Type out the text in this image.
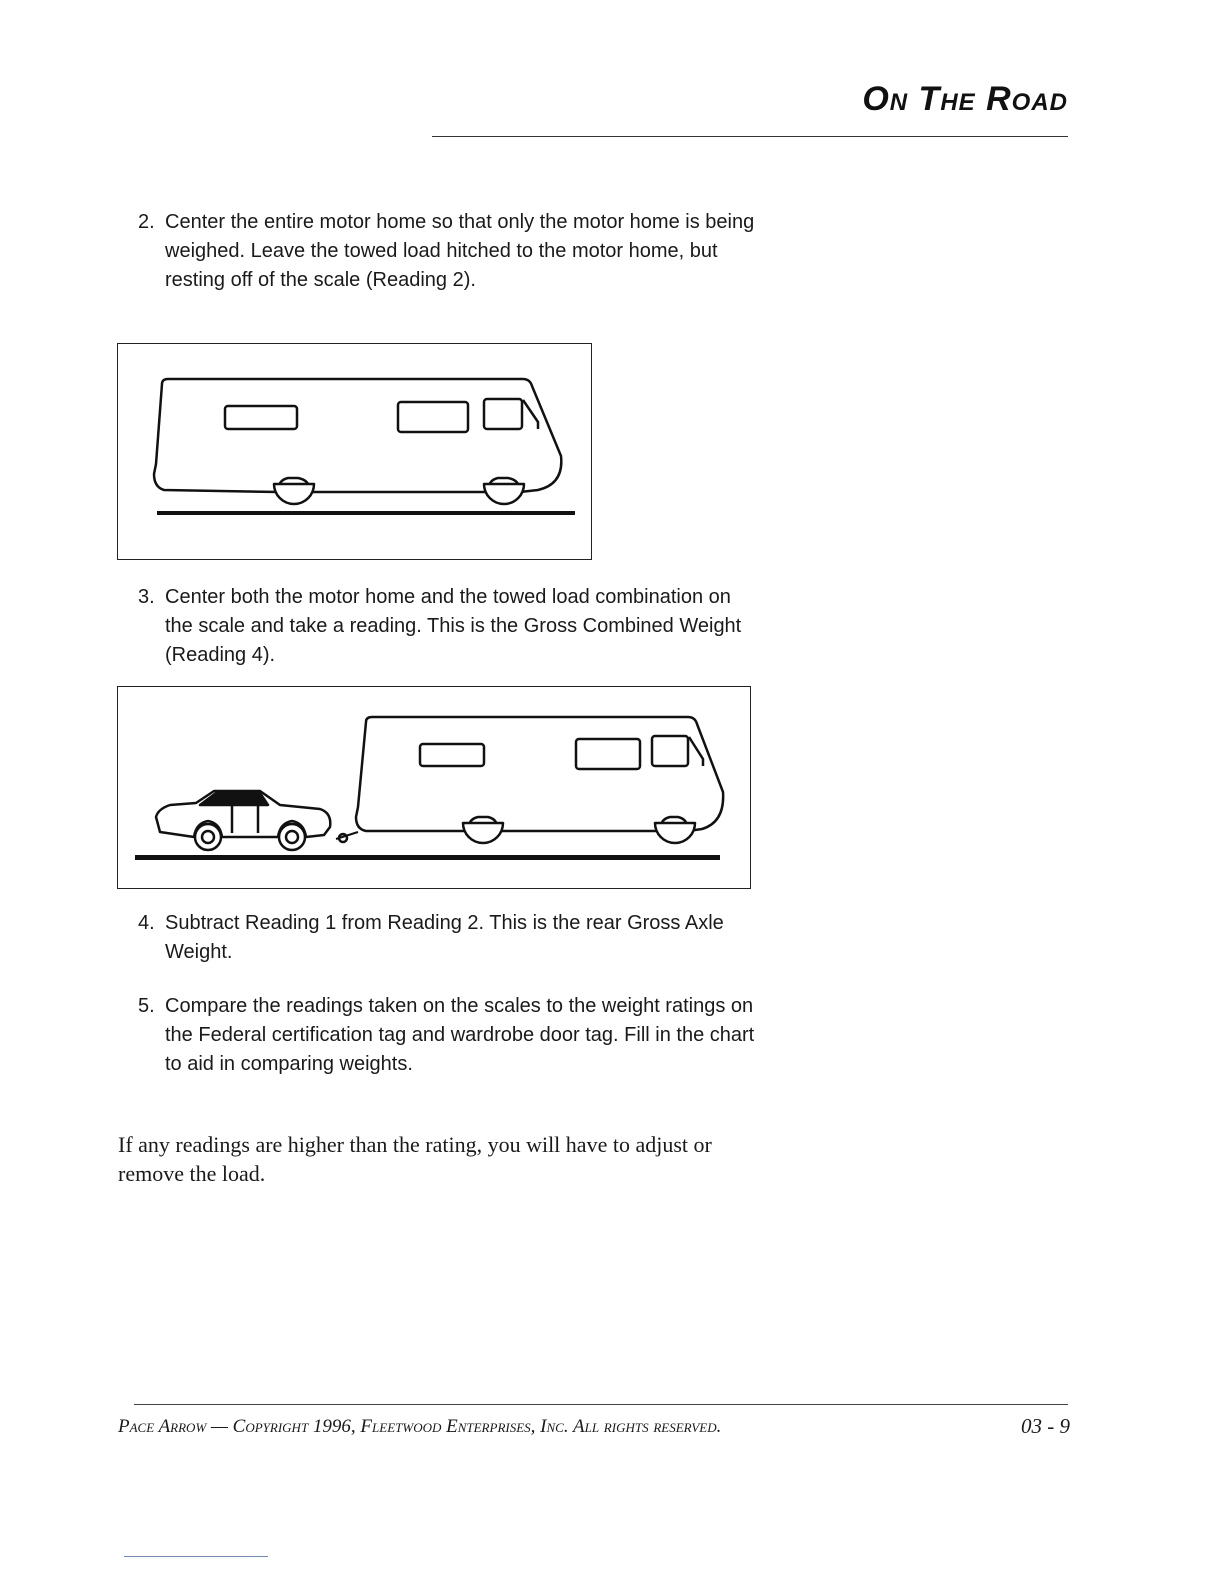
On The Road
2. Center the entire motor home so that only the motor home is being weighed. Leave the towed load hitched to the motor home, but resting off of the scale (Reading 2).
3. Center both the motor home and the towed load combination on the scale and take a reading. This is the Gross Combined Weight (Reading 4).
4. Subtract Reading 1 from Reading 2. This is the rear Gross Axle Weight.
5. Compare the readings taken on the scales to the weight ratings on the Federal certification tag and wardrobe door tag. Fill in the chart to aid in comparing weights.
If any readings are higher than the rating, you will have to adjust or remove the load.
Pace Arrow — Copyright 1996, Fleetwood Enterprises, Inc. All rights reserved.	03 - 9
